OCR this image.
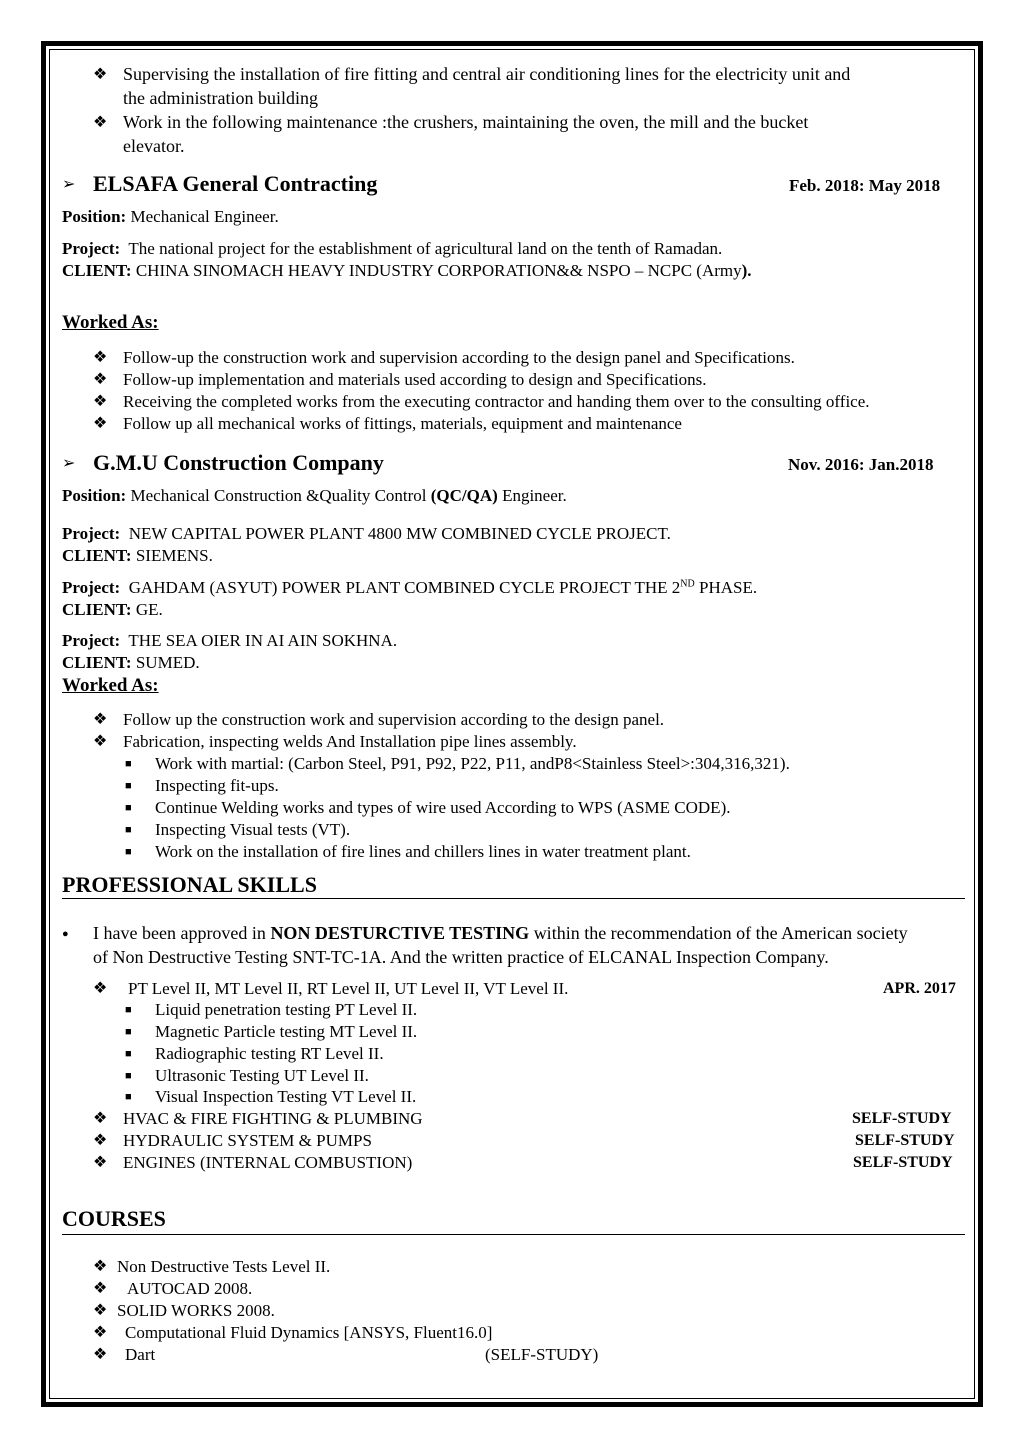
❖ Supervising the installation of fire fitting and central air conditioning lines for the electricity unit and
the administration building
❖ Work in the following maintenance :the crushers, maintaining the oven, the mill and the bucket
elevator.
➢ ELSAFA General Contracting	Feb. 2018: May 2018
Position: Mechanical Engineer.
Project: The national project for the establishment of agricultural land on the tenth of Ramadan.
CLIENT: CHINA SINOMACH HEAVY INDUSTRY CORPORATION&& NSPO – NCPC (Army).
Worked As:
❖ Follow-up the construction work and supervision according to the design panel and Specifications.
❖ Follow-up implementation and materials used according to design and Specifications.
❖ Receiving the completed works from the executing contractor and handing them over to the consulting office.
❖ Follow up all mechanical works of fittings, materials, equipment and maintenance
➢ G.M.U Construction Company	Nov. 2016: Jan.2018
Position: Mechanical Construction &Quality Control (QC/QA) Engineer.
Project: NEW CAPITAL POWER PLANT 4800 MW COMBINED CYCLE PROJECT.
CLIENT: SIEMENS.
Project: GAHDAM (ASYUT) POWER PLANT COMBINED CYCLE PROJECT THE 2ND PHASE.
CLIENT: GE.
Project: THE SEA OIER IN AI AIN SOKHNA.
CLIENT: SUMED.
Worked As:
❖ Follow up the construction work and supervision according to the design panel.
❖ Fabrication, inspecting welds And Installation pipe lines assembly.
■ Work with martial: (Carbon Steel, P91, P92, P22, P11, andP8<Stainless Steel>:304,316,321).
■ Inspecting fit-ups.
■ Continue Welding works and types of wire used According to WPS (ASME CODE).
■ Inspecting Visual tests (VT).
■ Work on the installation of fire lines and chillers lines in water treatment plant.
PROFESSIONAL SKILLS
● I have been approved in NON DESTURCTIVE TESTING within the recommendation of the American society
of Non Destructive Testing SNT-TC-1A. And the written practice of ELCANAL Inspection Company.
❖ PT Level II, MT Level II, RT Level II, UT Level II, VT Level II.	APR. 2017
■ Liquid penetration testing PT Level II.
■ Magnetic Particle testing MT Level II.
■ Radiographic testing RT Level II.
■ Ultrasonic Testing UT Level II.
■ Visual Inspection Testing VT Level II.
❖ HVAC & FIRE FIGHTING & PLUMBING	SELF-STUDY
❖ HYDRAULIC SYSTEM & PUMPS	SELF-STUDY
❖ ENGINES (INTERNAL COMBUSTION)	SELF-STUDY
COURSES
❖ Non Destructive Tests Level II.
❖ AUTOCAD 2008.
❖ SOLID WORKS 2008.
❖ Computational Fluid Dynamics [ANSYS, Fluent16.0]
❖ Dart	(SELF-STUDY)
